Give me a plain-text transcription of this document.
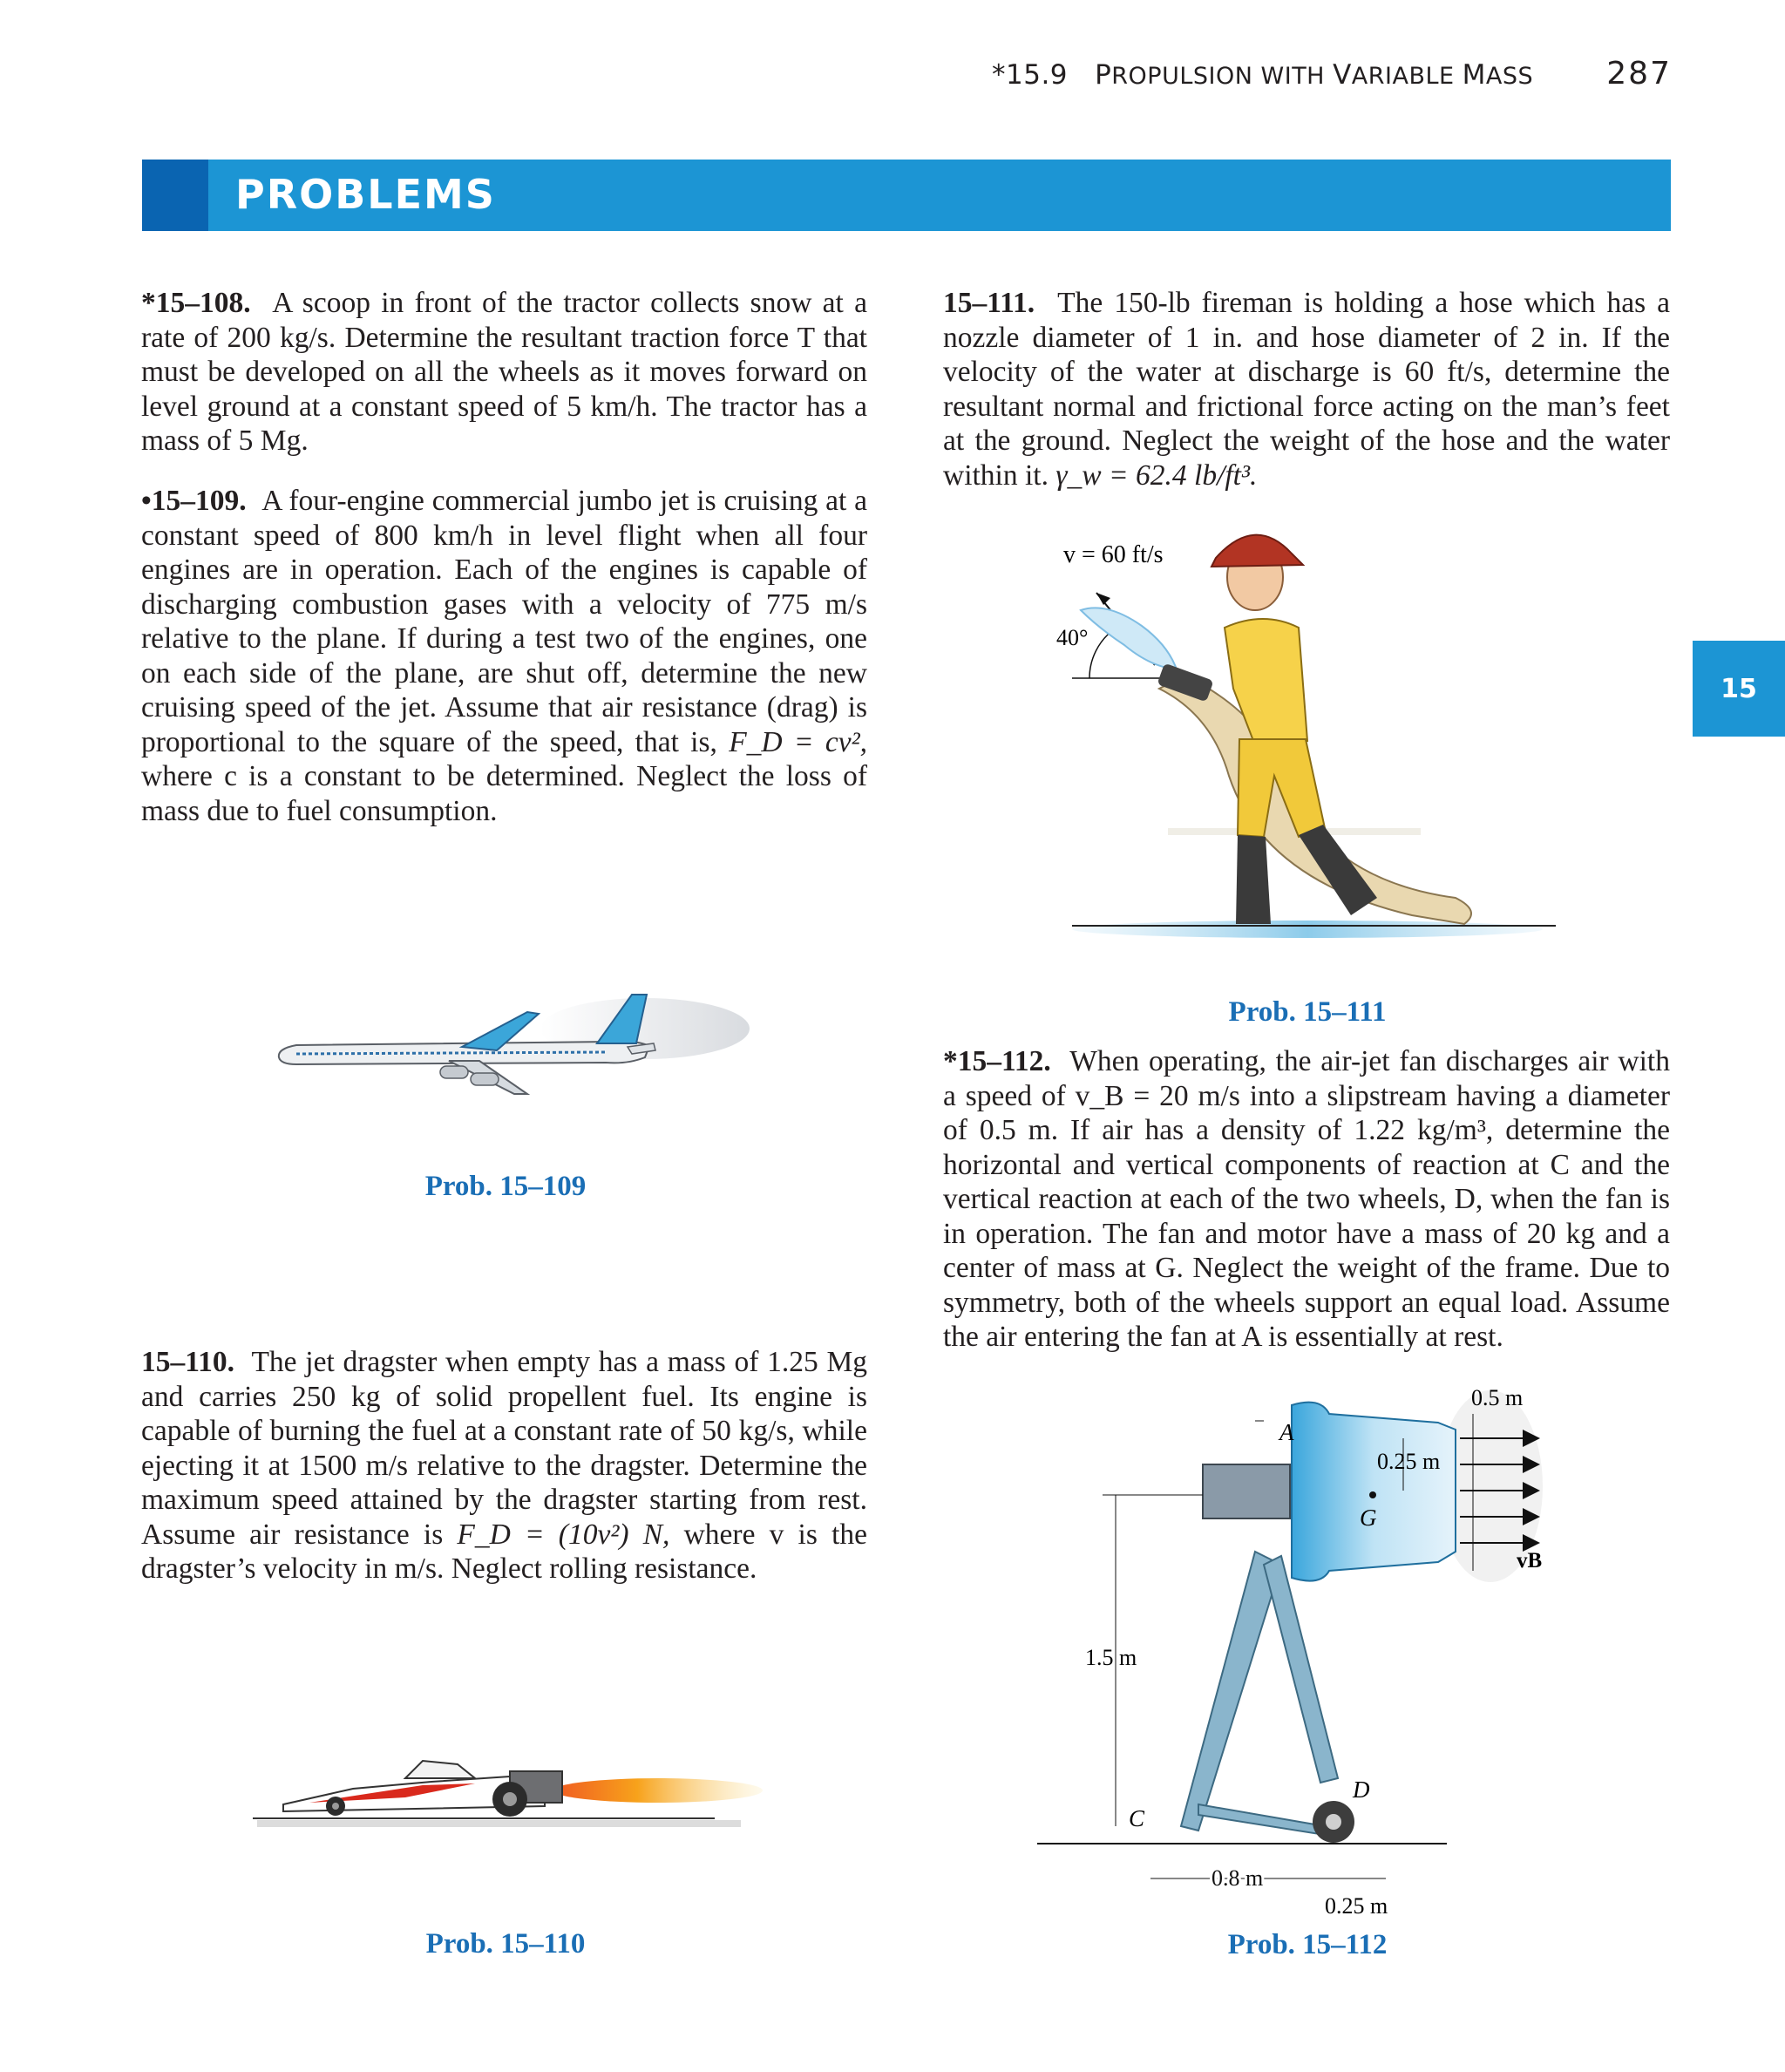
*15.9 PROPULSION WITH VARIABLE MASS 287
PROBLEMS
15
*15–108. A scoop in front of the tractor collects snow at a rate of 200 kg/s. Determine the resultant traction force T that must be developed on all the wheels as it moves forward on level ground at a constant speed of 5 km/h. The tractor has a mass of 5 Mg.
•15–109. A four-engine commercial jumbo jet is cruising at a constant speed of 800 km/h in level flight when all four engines are in operation. Each of the engines is capable of discharging combustion gases with a velocity of 775 m/s relative to the plane. If during a test two of the engines, one on each side of the plane, are shut off, determine the new cruising speed of the jet. Assume that air resistance (drag) is proportional to the square of the speed, that is, F_D = cv², where c is a constant to be determined. Neglect the loss of mass due to fuel consumption.
Prob. 15–109
15–110. The jet dragster when empty has a mass of 1.25 Mg and carries 250 kg of solid propellent fuel. Its engine is capable of burning the fuel at a constant rate of 50 kg/s, while ejecting it at 1500 m/s relative to the dragster. Determine the maximum speed attained by the dragster starting from rest. Assume air resistance is F_D = (10v²) N, where v is the dragster’s velocity in m/s. Neglect rolling resistance.
Prob. 15–110
15–111. The 150-lb fireman is holding a hose which has a nozzle diameter of 1 in. and hose diameter of 2 in. If the velocity of the water at discharge is 60 ft/s, determine the resultant normal and frictional force acting on the man’s feet at the ground. Neglect the weight of the hose and the water within it. γ_w = 62.4 lb/ft³.
v = 60 ft/s
40°
Prob. 15–111
*15–112. When operating, the air-jet fan discharges air with a speed of v_B = 20 m/s into a slipstream having a diameter of 0.5 m. If air has a density of 1.22 kg/m³, determine the horizontal and vertical components of reaction at C and the vertical reaction at each of the two wheels, D, when the fan is in operation. The fan and motor have a mass of 20 kg and a center of mass at G. Neglect the weight of the frame. Due to symmetry, both of the wheels support an equal load. Assume the air entering the fan at A is essentially at rest.
0.5 m
A
0.25 m
G
vB
1.5 m
D
C
0.8 m
0.25 m
Prob. 15–112
